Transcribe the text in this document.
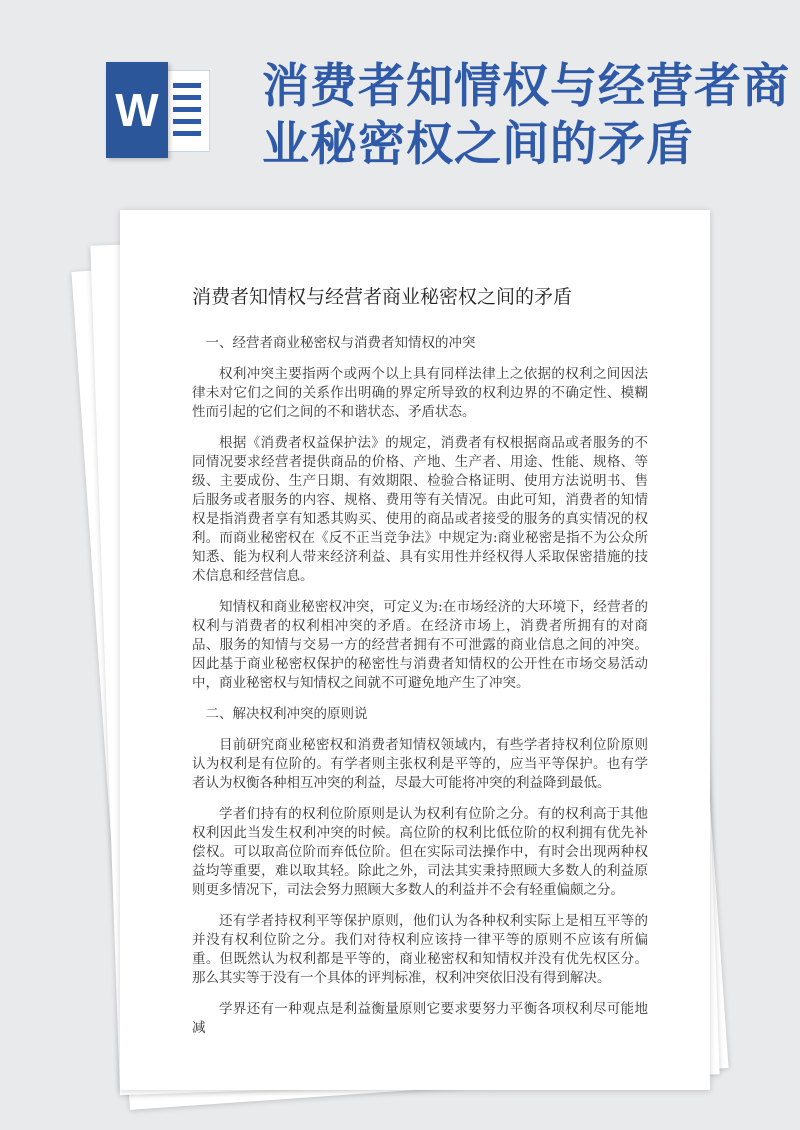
W 消费者知情权与经营者商业秘密权之间的矛盾
消费者知情权与经营者商业秘密权之间的矛盾

一、经营者商业秘密权与消费者知情权的冲突

权利冲突主要指两个或两个以上具有同样法律上之依据的权利之间因法律未对它们之间的关系作出明确的界定所导致的权利边界的不确定性、模糊性而引起的它们之间的不和谐状态、矛盾状态。

根据《消费者权益保护法》的规定，消费者有权根据商品或者服务的不同情况要求经营者提供商品的价格、产地、生产者、用途、性能、规格、等级、主要成份、生产日期、有效期限、检验合格证明、使用方法说明书、售后服务或者服务的内容、规格、费用等有关情况。由此可知，消费者的知情权是指消费者享有知悉其购买、使用的商品或者接受的服务的真实情况的权利。而商业秘密权在《反不正当竞争法》中规定为:商业秘密是指不为公众所知悉、能为权利人带来经济利益、具有实用性并经权得人采取保密措施的技术信息和经营信息。

知情权和商业秘密权冲突，可定义为:在市场经济的大环境下，经营者的权利与消费者的权利相冲突的矛盾。在经济市场上，消费者所拥有的对商品、服务的知情与交易一方的经营者拥有不可泄露的商业信息之间的冲突。因此基于商业秘密权保护的秘密性与消费者知情权的公开性在市场交易活动中，商业秘密权与知情权之间就不可避免地产生了冲突。

二、解决权利冲突的原则说

目前研究商业秘密权和消费者知情权领域内，有些学者持权利位阶原则认为权利是有位阶的。有学者则主张权利是平等的，应当平等保护。也有学者认为权衡各种相互冲突的利益，尽最大可能将冲突的利益降到最低。

学者们持有的权利位阶原则是认为权利有位阶之分。有的权利高于其他权利因此当发生权利冲突的时候。高位阶的权利比低位阶的权利拥有优先补偿权。可以取高位阶而弃低位阶。但在实际司法操作中，有时会出现两种权益均等重要，难以取其轻。除此之外，司法其实秉持照顾大多数人的利益原则更多情况下，司法会努力照顾大多数人的利益并不会有轻重偏颇之分。

还有学者持权利平等保护原则，他们认为各种权利实际上是相互平等的并没有权利位阶之分。我们对待权利应该持一律平等的原则不应该有所偏重。但既然认为权利都是平等的，商业秘密权和知情权并没有优先权区分。那么其实等于没有一个具体的评判标准，权利冲突依旧没有得到解决。

学界还有一种观点是利益衡量原则它要求要努力平衡各项权利尽可能地减
